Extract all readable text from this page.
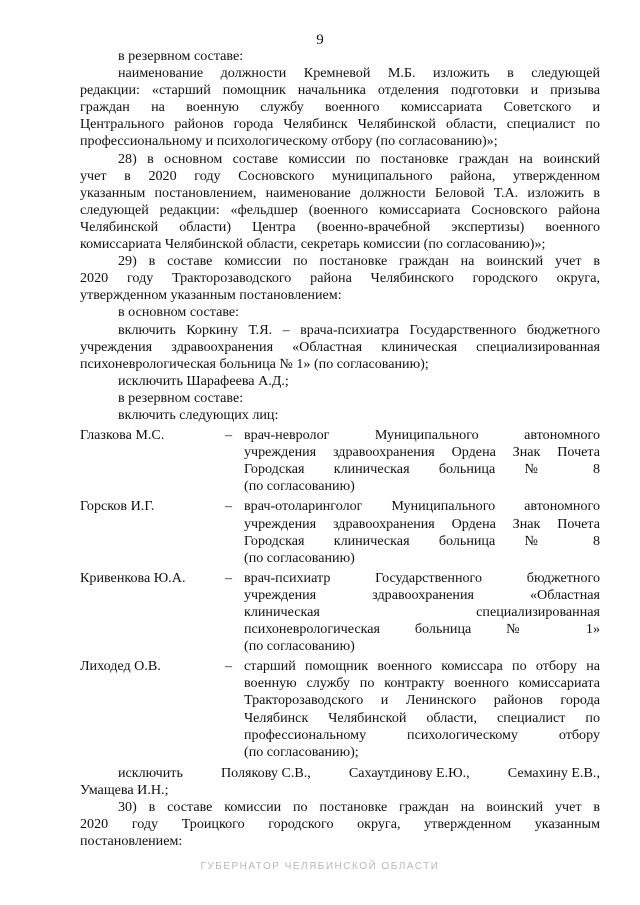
9

в резервном составе:

наименование должности Кремневой М.Б. изложить в следующей

редакции: «старший помощник начальника отделения подготовки и призыва

граждан на военную службу военного комиссариата Советского и

Центрального районов города Челябинск Челябинской области, специалист по

профессиональному и психологическому отбору (по согласованию)»;

28) в основном составе комиссии по постановке граждан на воинский

учет в 2020 году Сосновского муниципального района, утвержденном

указанным постановлением, наименование должности Беловой Т.А. изложить в

следующей редакции: «фельдшер (военного комиссариата Сосновского района

Челябинской области) Центра (военно-врачебной экспертизы) военного

комиссариата Челябинской области, секретарь комиссии (по согласованию)»;

29) в составе комиссии по постановке граждан на воинский учет в

2020 году Тракторозаводского района Челябинского городского округа,

утвержденном указанным постановлением:

в основном составе:

включить Коркину Т.Я. – врача-психиатра Государственного бюджетного

учреждения здравоохранения «Областная клиническая специализированная

психоневрологическая больница № 1» (по согласованию);

исключить Шарафеева А.Д.;

в резервном составе:

включить следующих лиц:

Глазкова М.С.	– врач-невролог Муниципального автономного
учреждения здравоохранения Ордена Знак Почета
Городская клиническая больница № 8
(по согласованию)
Горсков И.Г.	– врач-отоларинголог Муниципального автономного
учреждения здравоохранения Ордена Знак Почета
Городская клиническая больница № 8
(по согласованию)
Кривенкова Ю.А.	– врач-психиатр Государственного бюджетного
учреждения здравоохранения «Областная
клиническая специализированная
психоневрологическая больница № 1»
(по согласованию)
Лиходед О.В.	– старший помощник военного комиссара по отбору на
военную службу по контракту военного комиссариата
Тракторозаводского и Ленинского районов города
Челябинск Челябинской области, специалист по
профессиональному психологическому отбору
(по согласованию);
исключить	Полякову С.В.,	Сахаутдинову Е.Ю.,	Семахину Е.В.,

Умащева И.Н.;

30) в составе комиссии по постановке граждан на воинский учет в

2020 году Троицкого городского округа, утвержденном указанным

постановлением:

ГУБЕРНАТОР ЧЕЛЯБИНСКОЙ ОБЛАСТИ
